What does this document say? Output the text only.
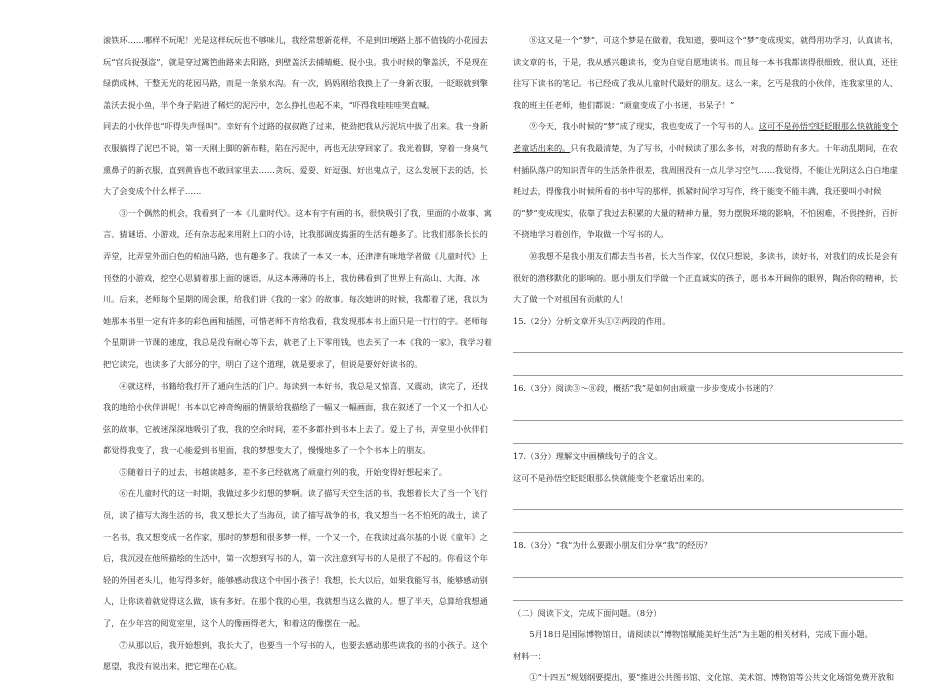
滚铁环……哪样不玩呢！光是这样玩玩也不够味儿，我经常想新花样，不是到田埂路上那不值钱的小花园去玩“官兵捉强盗”，就是穿过篱笆曲路来去阳路，到壁盖沃去捕蜻蜓、捉小虫。我小时候的擎盖沃，不是现在绿荫成林、干整无光的花园马路，而是一条泉水沟。有一次，妈妈刚给我换上了一身新衣服，一眨眼就到擎盖沃去捉小鱼，半个身子陷进了稀烂的泥污中，怎么挣扎也起不来，“吓得我哇哇哇哭直喊。

同去的小伙伴也“吓得失声怪叫”。幸好有个过路的叔叔跑了过来，使劲把我从污泥坑中拔了出来。我一身新衣服搞得了泥巴不说，第一天刚上脚的新布鞋，陷在污泥中，再也无法穿回家了。我光着脚，穿着一身臭气熏鼻子的新衣服，直到黄昏也不敢回家里去……贪玩、爱耍、好逗强、好出鬼点子，这么发展下去的话，长大了会变成个什么样子……

③一个偶然的机会，我看到了一本《儿童时代》。这本有字有画的书，很快吸引了我，里面的小故事、寓言、猜谜语、小游戏，还有杂志起来用附上口的小诗，比我那调皮捣蛋的生活有趣多了。比我们那条长长的弄堂，比弄堂外面白色的柏油马路，也有趣多了。我读了一本又一本，还津津有味地学者做《儿童时代》上刊登的小游戏，挖空心思猜着那上面的谜语，从这本薄薄的书上，我仿佛看到了世界上有高山、大海、冰川。后来，老师每个星期的周会课，给我们讲《我的一家》的故事。每次她讲的时候，我都着了迷，我以为她那本书里一定有许多的彩色画和插图，可惜老师不肯给我看，我发现那本书上面只是一行行的字。老师每个星期讲一节课的速度，我总是没有耐心等下去，就老了上下零用钱，也去买了一本《我的一家》，我学习着把它读完，也读多了大部分的字，明白了这个道理，就是要求了，但说是要好好读书的。

④就这样，书籍给我打开了通向生活的门户。每读到一本好书，我总是又惊喜、又震动，读完了，还找我的地给小伙伴讲呢！书本以它神奇绚丽的情景给我描绘了一幅又一幅画面，我在叙述了一个又一个扣人心弦的故事，它被迷深深地吸引了我，我的空余时间，差不多都扑到书本上去了。爱上了书，弄堂里小伙伴们都觉得我变了，我一心能爱到书里面，我的梦想变大了，慢慢地多了一个个书本上的朋友。

⑤随着日子的过去，书越读越多，差不多已经就离了顽童行列的我，开始变得好想起来了。

⑥在儿童时代的这一时期，我做过多少幻想的梦啊。读了描写天空生活的书，我想着长大了当一个飞行员，读了描写大海生活的书，我又想长大了当海员，读了描写战争的书，我又想当一名不怕死的战士，读了一名书，我又想变成一名作家，那时的梦想和很多梦一样，一个又一个，在我读过高尔基的小说《童年》之后，我沉浸在他所描绘的生活中，第一次想到写书的人，第一次注意到写书的人是很了不起的。你看这个年轻的外国老头儿，他写得多好，能够感动我这个中国小孩子！我想，长大以后，如果我能写书，能够感动别人，让你读着就觉得这么做，该有多好。在那个我的心里，我就想当这么做的人。想了半天，总算给我想通了，在少年宫的阅览室里，这个人的像画得老大，和着这的像摆在一起。

⑦从那以后，我开始想到，我长大了，也要当一个写书的人，也要去感动那些读我的书的小孩子。这个愿望，我没有说出来，把它埋在心底。

⑧这又是一个“梦”，可这个梦是在做着，我知道，要叫这个“梦”变成现实，就得用功学习，认真读书，读文章的书，于是，我从感兴趣读书，变为自觉自愿地读书。而且每一本书我都读得很细致、很认真，还往往写下读书的笔记。书已经成了我从儿童时代最好的朋友。这么一来，乞丐是我的小伙伴，连我家里的人、我的班主任老师，他们都说：“顽童变成了小书迷，书呆子！”

⑨今天，我小时候的“梦”成了现实，我也变成了一个写书的人。这可不是孙悟空眨眨眼那么快就能变个老童话出来的。只有我最清楚，为了写书，小时候读了那么多书，对我的帮助有多大。十年动乱期间，在农村插队落户的知识青年的生活条件很差，我周围没有一点儿学习空气……我觉得，不能让光阴这么白白地虚耗过去，得像我小时候所看的书中写的那样，抓紧时间学习写作，终于能变不能丰满，我还要叫小时候的“梦”变成现实，依靠了我过去积累的大量的精神力量，努力摆脱环境的影响，不怕困难，不畏挫折，百折不挠地学习着创作，争取做一个写书的人。

⑩我想不是我小朋友们都去当书者，长大当作家，仅仅只想说，多读书，读好书，对我们的成长是会有很好的潜移默化的影响的。愿小朋友们学做一个正直诚实的孩子，愿书本开阔你的眼界，陶冶你的精神，长大了做一个对祖国有贡献的人！

15.（2分）分析文章开头①②两段的作用。

16.（3分）阅读③～⑧段，概括“我”是如何由顽童一步步变成小书迷的？

17.（3分）理解文中画横线句子的含义。

这可不是孙悟空眨眨眼那么快就能变个老童话出来的。

18.（3分）“我”为什么要跟小朋友们分享“我”的经历？

（二）阅读下文，完成下面问题。（8分）

5月18日是国际博物馆日，请阅读以“博物馆赋能美好生活”为主题的相关材料，完成下面小题。

材料一：

①“十四五”规划纲要提出，要“推进公共图书馆、文化馆、美术馆、博物馆等公共文化场馆免费开放和
